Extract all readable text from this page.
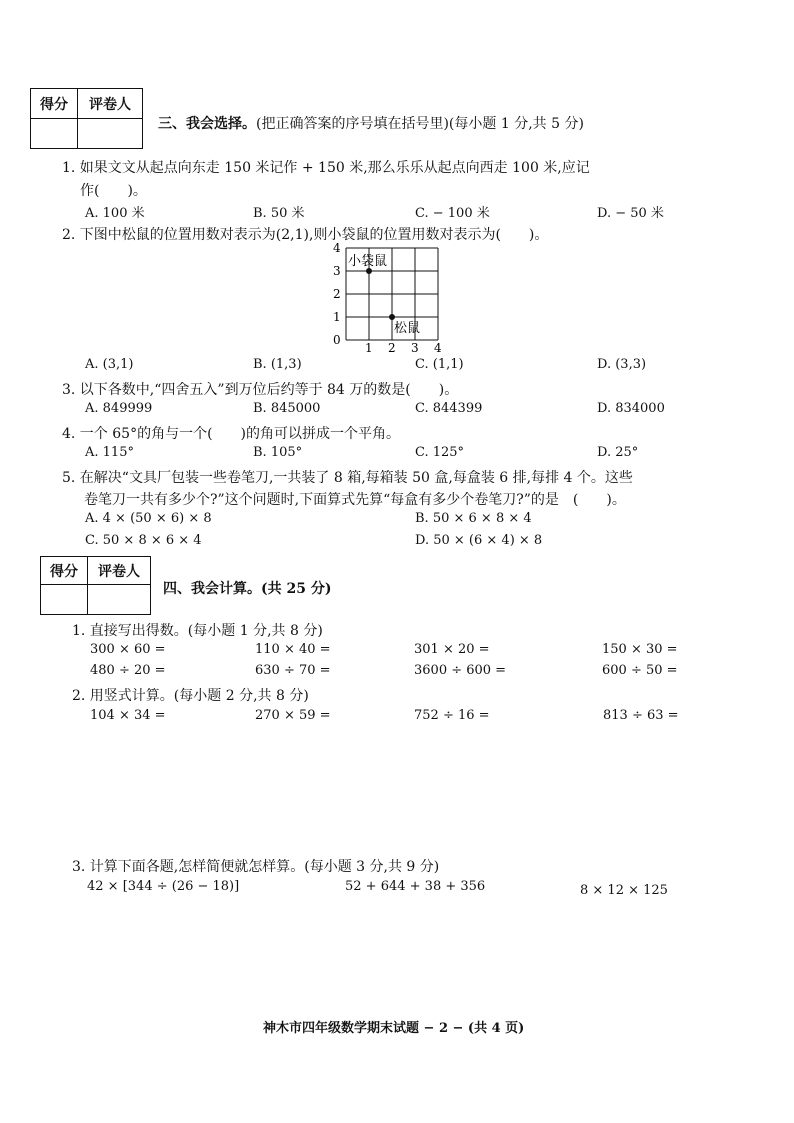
得分	评卷人

三、我会选择。(把正确答案的序号填在括号里)(每小题 1 分,共 5 分)
1. 如果文文从起点向东走 150 米记作 + 150 米,那么乐乐从起点向西走 100 米,应记
作(　　)。
A. 100 米	B. 50 米	C. − 100 米	D. − 50 米
2. 下图中松鼠的位置用数对表示为(2,1),则小袋鼠的位置用数对表示为(　　)。
1 2 3 4
0
1
2
3
4
小袋鼠
松鼠
A. (3,1)	B. (1,3)	C. (1,1)	D. (3,3)
3. 以下各数中,“四舍五入”到万位后约等于 84 万的数是(　　)。
A. 849999	B. 845000	C. 844399	D. 834000
4. 一个 65°的角与一个(　　)的角可以拼成一个平角。
A. 115°	B. 105°	C. 125°	D. 25°
5. 在解决“文具厂包装一些卷笔刀,一共装了 8 箱,每箱装 50 盒,每盒装 6 排,每排 4 个。这些
卷笔刀一共有多少个?”这个问题时,下面算式先算“每盒有多少个卷笔刀?”的是　(　　)。
A. 4 × (50 × 6) × 8	B. 50 × 6 × 8 × 4
C. 50 × 8 × 6 × 4	D. 50 × (6 × 4) × 8
得分	评卷人

四、我会计算。(共 25 分)
1. 直接写出得数。(每小题 1 分,共 8 分)
300 × 60 =	110 × 40 =	301 × 20 =	150 × 30 =
480 ÷ 20 =	630 ÷ 70 =	3600 ÷ 600 =	600 ÷ 50 =
2. 用竖式计算。(每小题 2 分,共 8 分)
104 × 34 =	270 × 59 =	752 ÷ 16 =	813 ÷ 63 =
3. 计算下面各题,怎样简便就怎样算。(每小题 3 分,共 9 分)
42 × [344 ÷ (26 − 18)]	52 + 644 + 38 + 356	8 × 12 × 125
神木市四年级数学期末试题 − 2 − (共 4 页)
